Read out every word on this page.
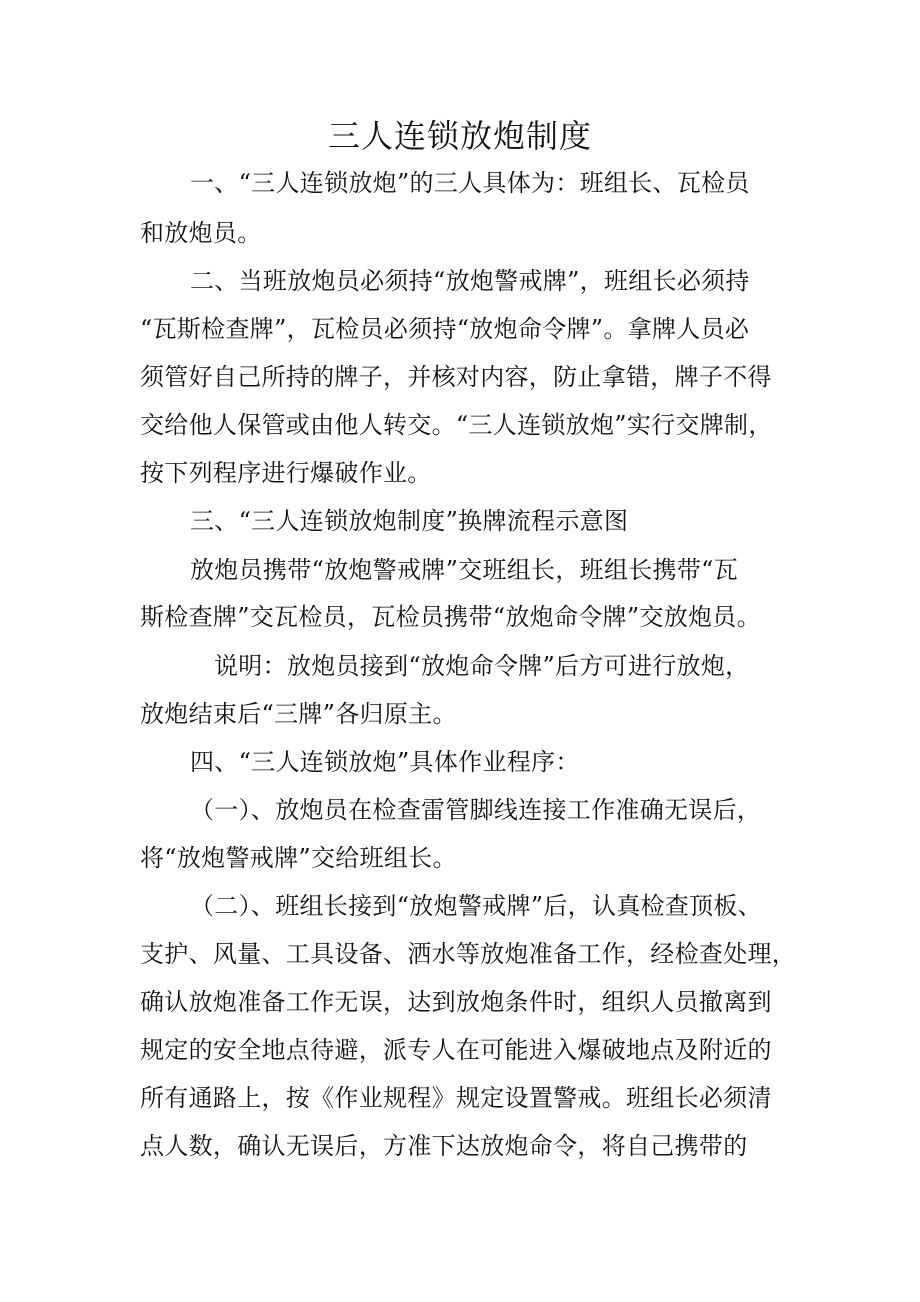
三人连锁放炮制度
一、“三人连锁放炮”的三人具体为：班组长、瓦检员
和放炮员。
二、当班放炮员必须持“放炮警戒牌”，班组长必须持
“瓦斯检查牌”，瓦检员必须持“放炮命令牌”。拿牌人员必
须管好自己所持的牌子，并核对内容，防止拿错，牌子不得
交给他人保管或由他人转交。“三人连锁放炮”实行交牌制，
按下列程序进行爆破作业。
三、“三人连锁放炮制度”换牌流程示意图
放炮员携带“放炮警戒牌”交班组长，班组长携带“瓦
斯检查牌”交瓦检员，瓦检员携带“放炮命令牌”交放炮员。
说明：放炮员接到“放炮命令牌”后方可进行放炮，
放炮结束后“三牌”各归原主。
四、“三人连锁放炮”具体作业程序：
（一）、放炮员在检查雷管脚线连接工作准确无误后，
将“放炮警戒牌”交给班组长。
（二）、班组长接到“放炮警戒牌”后，认真检查顶板、
支护、风量、工具设备、洒水等放炮准备工作，经检查处理，
确认放炮准备工作无误，达到放炮条件时，组织人员撤离到
规定的安全地点待避，派专人在可能进入爆破地点及附近的
所有通路上，按《作业规程》规定设置警戒。班组长必须清
点人数，确认无误后，方准下达放炮命令，将自己携带的
